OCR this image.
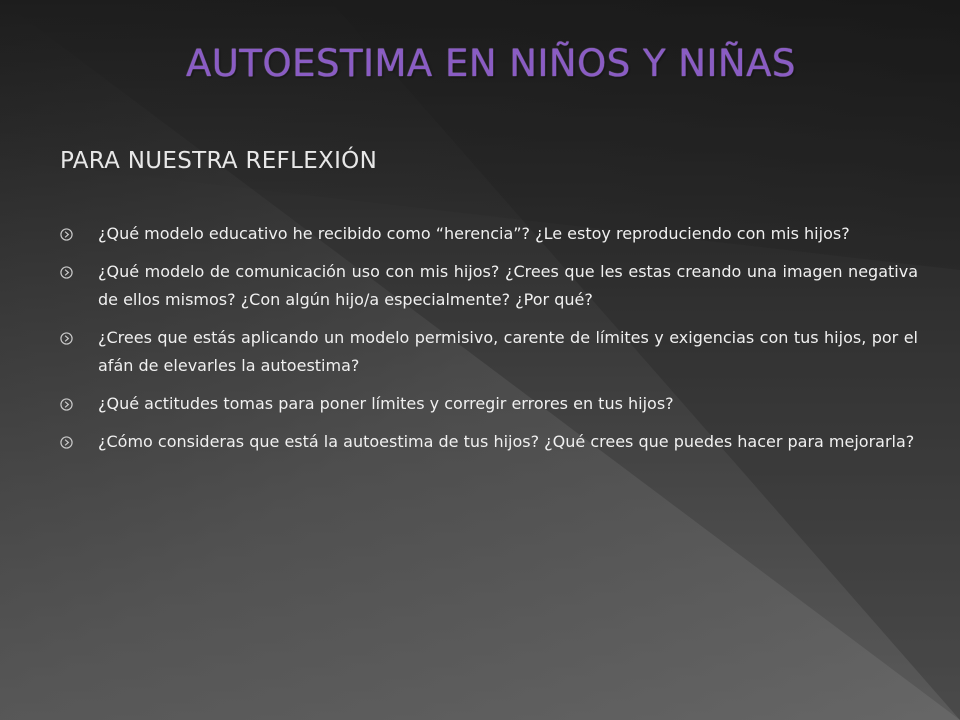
AUTOESTIMA EN NIÑOS Y NIÑAS
PARA NUESTRA REFLEXIÓN
¿Qué modelo educativo he recibido como “herencia”? ¿Le estoy reproduciendo con mis hijos?
¿Qué modelo de comunicación uso con mis hijos? ¿Crees que les estas creando una imagen negativa de ellos mismos? ¿Con algún hijo/a especialmente? ¿Por qué?
¿Crees que estás aplicando un modelo permisivo, carente de límites y exigencias con tus hijos, por el afán de elevarles la autoestima?
¿Qué actitudes tomas para poner límites y corregir errores en tus hijos?
¿Cómo consideras que está la autoestima de tus hijos? ¿Qué crees que puedes hacer para mejorarla?
